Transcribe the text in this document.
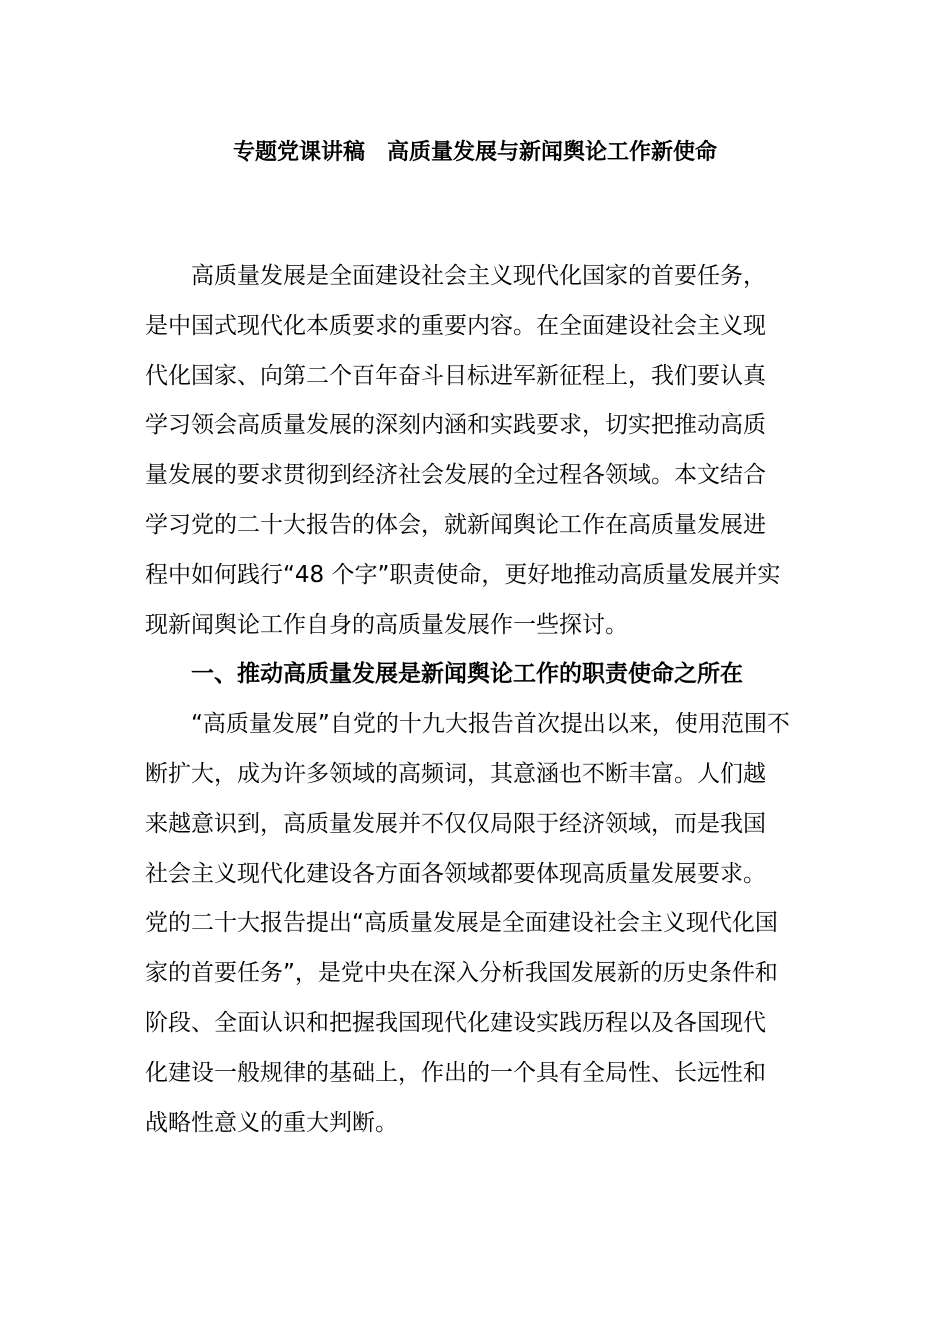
专题党课讲稿　高质量发展与新闻舆论工作新使命
高质量发展是全面建设社会主义现代化国家的首要任务，
是中国式现代化本质要求的重要内容。在全面建设社会主义现
代化国家、向第二个百年奋斗目标进军新征程上，我们要认真
学习领会高质量发展的深刻内涵和实践要求，切实把推动高质
量发展的要求贯彻到经济社会发展的全过程各领域。本文结合
学习党的二十大报告的体会，就新闻舆论工作在高质量发展进
程中如何践行“48 个字”职责使命，更好地推动高质量发展并实
现新闻舆论工作自身的高质量发展作一些探讨。
一、推动高质量发展是新闻舆论工作的职责使命之所在
“高质量发展”自党的十九大报告首次提出以来，使用范围不
断扩大，成为许多领域的高频词，其意涵也不断丰富。人们越
来越意识到，高质量发展并不仅仅局限于经济领域，而是我国
社会主义现代化建设各方面各领域都要体现高质量发展要求。
党的二十大报告提出“高质量发展是全面建设社会主义现代化国
家的首要任务”，是党中央在深入分析我国发展新的历史条件和
阶段、全面认识和把握我国现代化建设实践历程以及各国现代
化建设一般规律的基础上，作出的一个具有全局性、长远性和
战略性意义的重大判断。
